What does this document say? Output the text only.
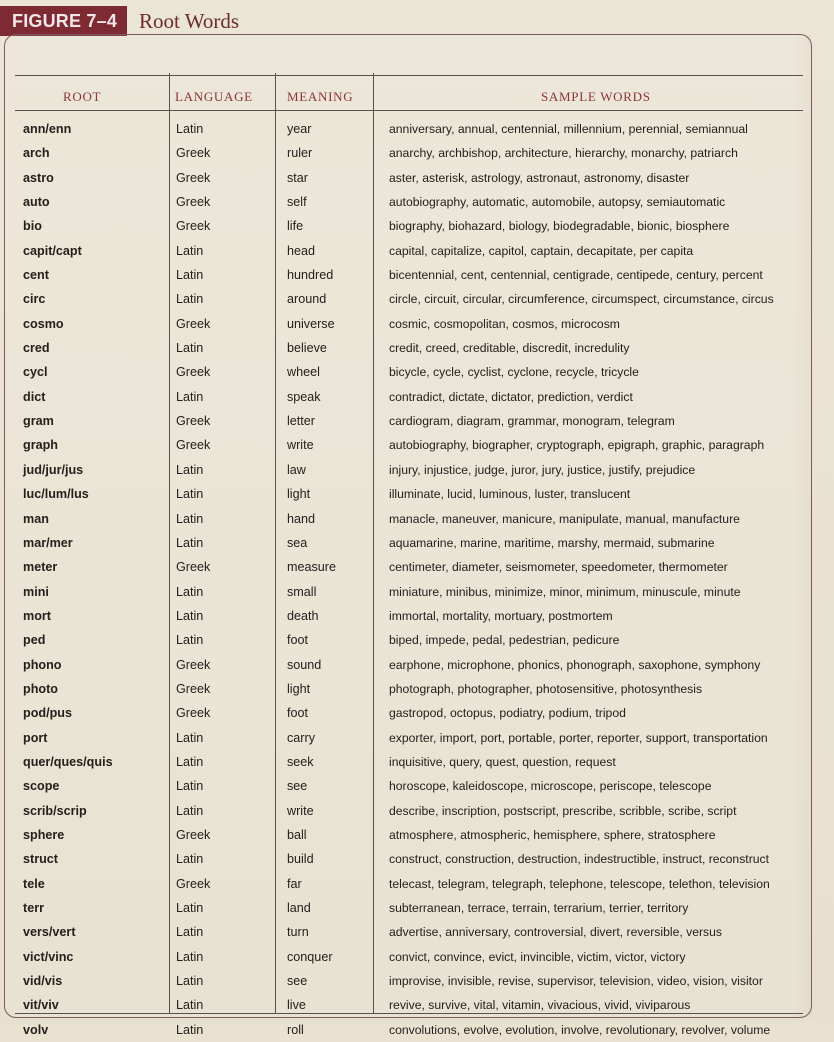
FIGURE 7–4	Root Words
ROOT	LANGUAGE	MEANING	SAMPLE WORDS
ann/enn	Latin	year	anniversary, annual, centennial, millennium, perennial, semiannual
arch	Greek	ruler	anarchy, archbishop, architecture, hierarchy, monarchy, patriarch
astro	Greek	star	aster, asterisk, astrology, astronaut, astronomy, disaster
auto	Greek	self	autobiography, automatic, automobile, autopsy, semiautomatic
bio	Greek	life	biography, biohazard, biology, biodegradable, bionic, biosphere
capit/capt	Latin	head	capital, capitalize, capitol, captain, decapitate, per capita
cent	Latin	hundred	bicentennial, cent, centennial, centigrade, centipede, century, percent
circ	Latin	around	circle, circuit, circular, circumference, circumspect, circumstance, circus
cosmo	Greek	universe	cosmic, cosmopolitan, cosmos, microcosm
cred	Latin	believe	credit, creed, creditable, discredit, incredulity
cycl	Greek	wheel	bicycle, cycle, cyclist, cyclone, recycle, tricycle
dict	Latin	speak	contradict, dictate, dictator, prediction, verdict
gram	Greek	letter	cardiogram, diagram, grammar, monogram, telegram
graph	Greek	write	autobiography, biographer, cryptograph, epigraph, graphic, paragraph
jud/jur/jus	Latin	law	injury, injustice, judge, juror, jury, justice, justify, prejudice
luc/lum/lus	Latin	light	illuminate, lucid, luminous, luster, translucent
man	Latin	hand	manacle, maneuver, manicure, manipulate, manual, manufacture
mar/mer	Latin	sea	aquamarine, marine, maritime, marshy, mermaid, submarine
meter	Greek	measure	centimeter, diameter, seismometer, speedometer, thermometer
mini	Latin	small	miniature, minibus, minimize, minor, minimum, minuscule, minute
mort	Latin	death	immortal, mortality, mortuary, postmortem
ped	Latin	foot	biped, impede, pedal, pedestrian, pedicure
phono	Greek	sound	earphone, microphone, phonics, phonograph, saxophone, symphony
photo	Greek	light	photograph, photographer, photosensitive, photosynthesis
pod/pus	Greek	foot	gastropod, octopus, podiatry, podium, tripod
port	Latin	carry	exporter, import, port, portable, porter, reporter, support, transportation
quer/ques/quis	Latin	seek	inquisitive, query, quest, question, request
scope	Latin	see	horoscope, kaleidoscope, microscope, periscope, telescope
scrib/scrip	Latin	write	describe, inscription, postscript, prescribe, scribble, scribe, script
sphere	Greek	ball	atmosphere, atmospheric, hemisphere, sphere, stratosphere
struct	Latin	build	construct, construction, destruction, indestructible, instruct, reconstruct
tele	Greek	far	telecast, telegram, telegraph, telephone, telescope, telethon, television
terr	Latin	land	subterranean, terrace, terrain, terrarium, terrier, territory
vers/vert	Latin	turn	advertise, anniversary, controversial, divert, reversible, versus
vict/vinc	Latin	conquer	convict, convince, evict, invincible, victim, victor, victory
vid/vis	Latin	see	improvise, invisible, revise, supervisor, television, video, vision, visitor
vit/viv	Latin	live	revive, survive, vital, vitamin, vivacious, vivid, viviparous
volv	Latin	roll	convolutions, evolve, evolution, involve, revolutionary, revolver, volume
